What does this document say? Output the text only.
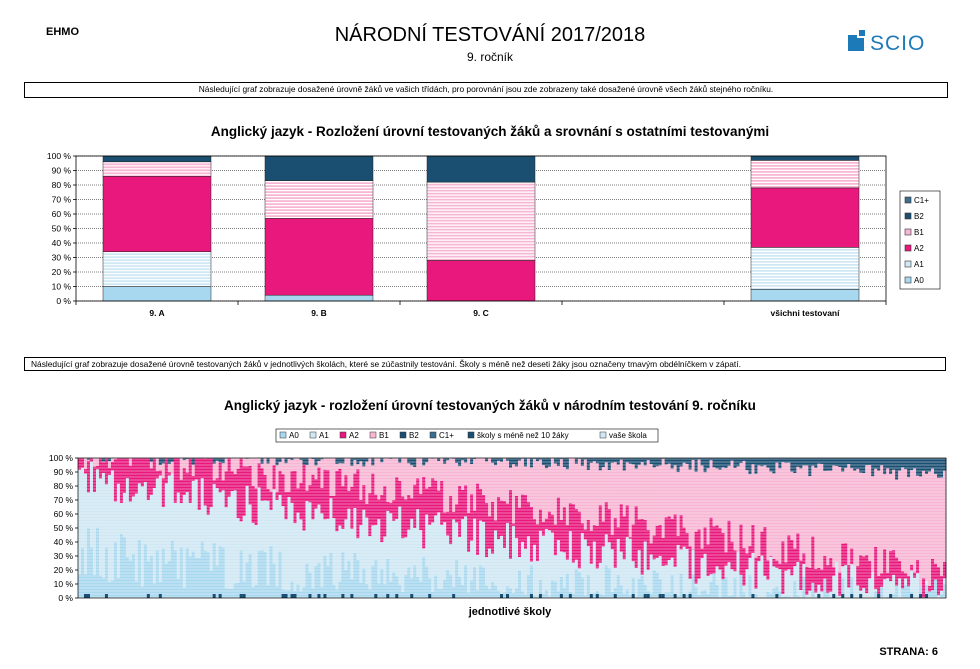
EHMO	NÁRODNÍ TESTOVÁNÍ 2017/2018
9. ročník
SCIO
Následující graf zobrazuje dosažené úrovně žáků ve vašich třídách, pro porovnání jsou zde zobrazeny také dosažené úrovně všech žáků stejného ročníku.
Anglický jazyk - Rozložení úrovní testovaných žáků a srovnání s ostatními testovanými
0 %
10 %
20 %
30 %
40 %
50 %
60 %
70 %
80 %
90 %
100 %
9. A	9. B	9. C	všichni testovaní
C1+
B2
B1
A2
A1
A0
Následující graf zobrazuje dosažené úrovně testovaných žáků v jednotlivých školách, které se zúčastnily testování. Školy s méně než deseti žáky jsou označeny tmavým obdélníčkem v zápatí.
Anglický jazyk - rozložení úrovní testovaných žáků v národním testování 9. ročníku
A0	A1	A2	B1	B2	C1+	školy s méně než 10 žáky	vaše škola
0 %
10 %
20 %
30 %
40 %
50 %
60 %
70 %
80 %
90 %
100 %
jednotlivé školy
STRANA: 6
